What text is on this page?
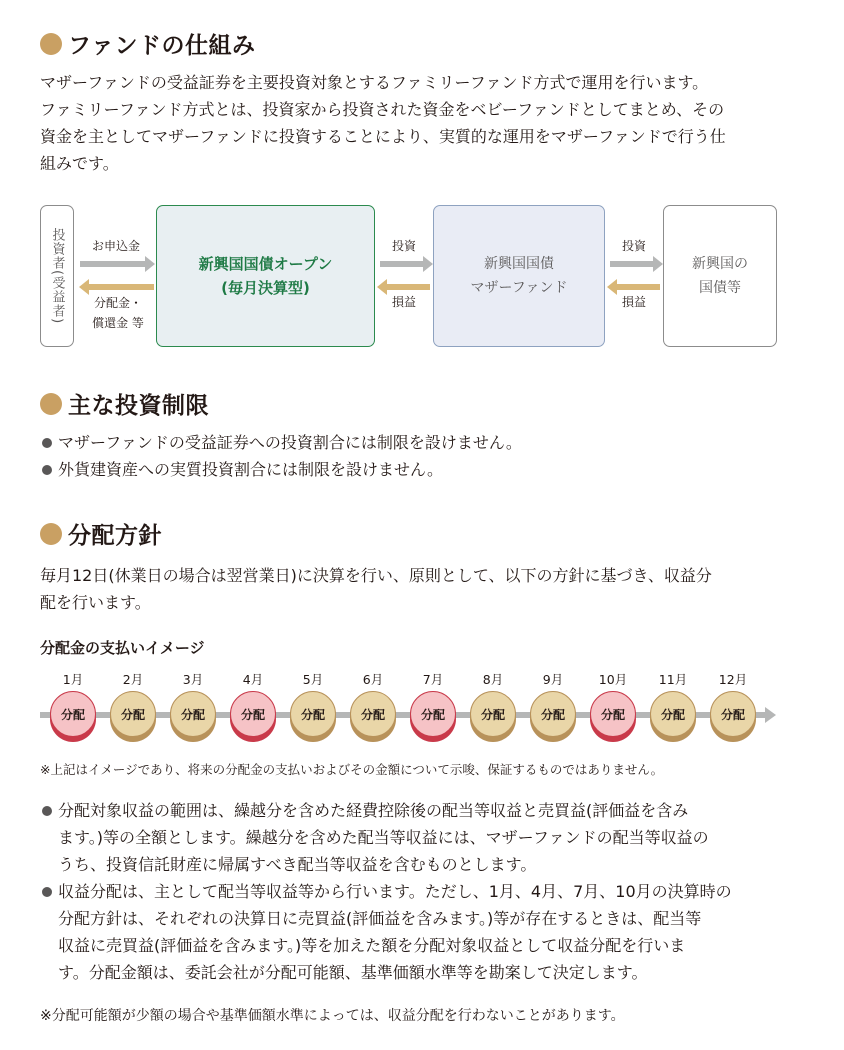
ファンドの仕組み
マザーファンドの受益証券を主要投資対象とするファミリーファンド方式で運用を行います。
ファミリーファンド方式とは、投資家から投資された資金をベビーファンドとしてまとめ、その
資金を主としてマザーファンドに投資することにより、実質的な運用をマザーファンドで行う仕
組みです。
投資者(受益者)	新興国国債オープン
(毎月決算型)
新興国国債
マザーファンド
新興国の
国債等
お申込金
分配金・
償還金 等
投資
損益
投資
損益
主な投資制限
マザーファンドの受益証券への投資割合には制限を設けません。
外貨建資産への実質投資割合には制限を設けません。
分配方針
毎月12日(休業日の場合は翌営業日)に決算を行い、原則として、以下の方針に基づき、収益分
配を行います。
分配金の支払いイメージ
1月	2月	3月	4月	5月	6月	7月	8月	9月	10月	11月	12月
分配	分配	分配	分配	分配	分配	分配	分配	分配	分配	分配	分配
※上記はイメージであり、将来の分配金の支払いおよびその金額について示唆、保証するものではありません。
分配対象収益の範囲は、繰越分を含めた経費控除後の配当等収益と売買益(評価益を含み
ます。)等の全額とします。繰越分を含めた配当等収益には、マザーファンドの配当等収益の
うち、投資信託財産に帰属すべき配当等収益を含むものとします。
収益分配は、主として配当等収益等から行います。ただし、1月、4月、7月、10月の決算時の
分配方針は、それぞれの決算日に売買益(評価益を含みます。)等が存在するときは、配当等
収益に売買益(評価益を含みます。)等を加えた額を分配対象収益として収益分配を行いま
す。分配金額は、委託会社が分配可能額、基準価額水準等を勘案して決定します。
※分配可能額が少額の場合や基準価額水準によっては、収益分配を行わないことがあります。
